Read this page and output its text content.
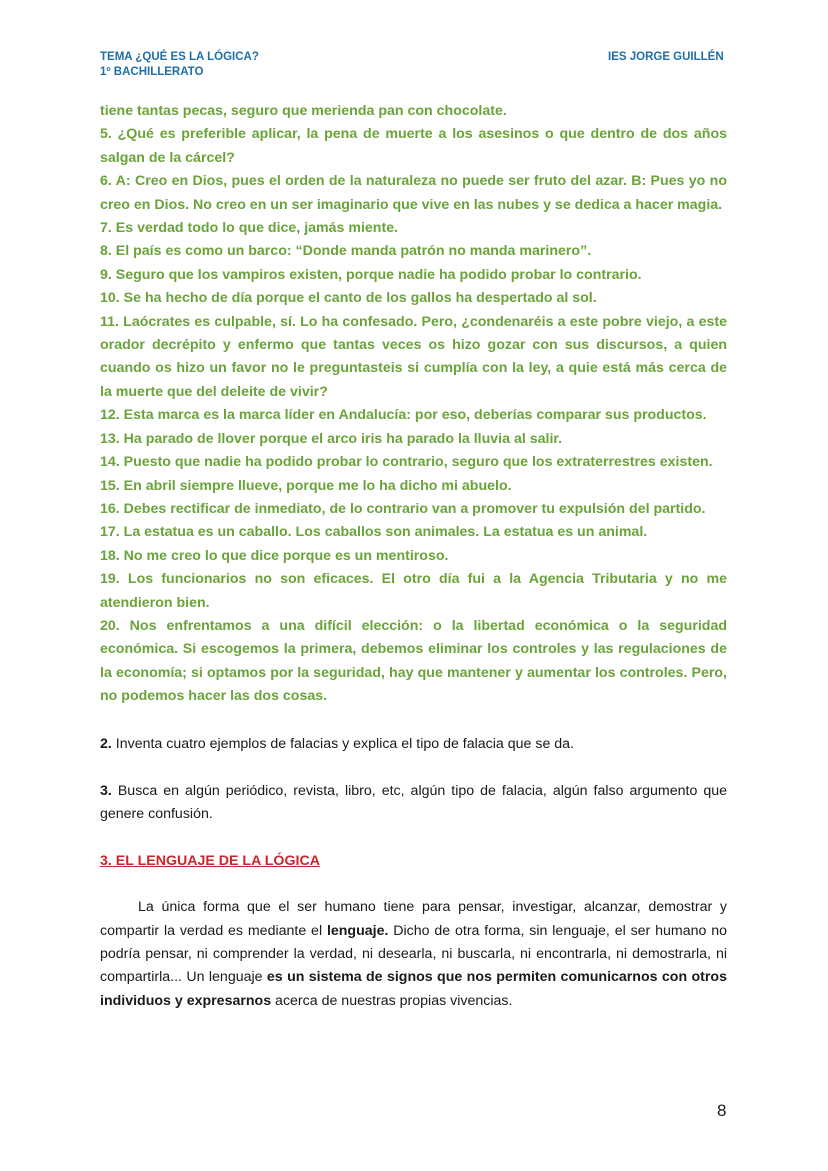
TEMA ¿QUÉ ES LA LÓGICA?
1º BACHILLERATO
IES JORGE GUILLÉN

tiene tantas pecas, seguro que merienda pan con chocolate.

5. ¿Qué es preferible aplicar, la pena de muerte a los asesinos o que dentro de dos años salgan de la cárcel?

6. A: Creo en Dios, pues el orden de la naturaleza no puede ser fruto del azar. B: Pues yo no creo en Dios. No creo en un ser imaginario que vive en las nubes y se dedica a hacer magia.

7. Es verdad todo lo que dice, jamás miente.

8. El país es como un barco: “Donde manda patrón no manda marinero”.

9. Seguro que los vampiros existen, porque nadie ha podido probar lo contrario.

10. Se ha hecho de día porque el canto de los gallos ha despertado al sol.

11. Laócrates es culpable, sí. Lo ha confesado. Pero, ¿condenaréis a este pobre viejo, a este orador decrépito y enfermo que tantas veces os hizo gozar con sus discursos, a quien cuando os hizo un favor no le preguntasteis si cumplía con la ley, a quie está más cerca de la muerte que del deleite de vivir?

12. Esta marca es la marca líder en Andalucía: por eso, deberías comparar sus productos.

13. Ha parado de llover porque el arco iris ha parado la lluvia al salir.

14. Puesto que nadie ha podido probar lo contrario, seguro que los extraterrestres existen.

15. En abril siempre llueve, porque me lo ha dicho mi abuelo.

16. Debes rectificar de inmediato, de lo contrario van a promover tu expulsión del partido.

17. La estatua es un caballo. Los caballos son animales. La estatua es un animal.

18. No me creo lo que dice porque es un mentiroso.

19. Los funcionarios no son eficaces. El otro día fui a la Agencia Tributaria y no me atendieron bien.

20. Nos enfrentamos a una difícil elección: o la libertad económica o la seguridad económica. Si escogemos la primera, debemos eliminar los controles y las regulaciones de la economía; si optamos por la seguridad, hay que mantener y aumentar los controles. Pero, no podemos hacer las dos cosas.

2. Inventa cuatro ejemplos de falacias y explica el tipo de falacia que se da.

3. Busca en algún periódico, revista, libro, etc, algún tipo de falacia, algún falso argumento que genere confusión.

3. EL LENGUAJE DE LA LÓGICA

La única forma que el ser humano tiene para pensar, investigar, alcanzar, demostrar y compartir la verdad es mediante el lenguaje. Dicho de otra forma, sin lenguaje, el ser humano no podría pensar, ni comprender la verdad, ni desearla, ni buscarla, ni encontrarla, ni demostrarla, ni compartirla... Un lenguaje es un sistema de signos que nos permiten comunicarnos con otros individuos y expresarnos acerca de nuestras propias vivencias.

8
